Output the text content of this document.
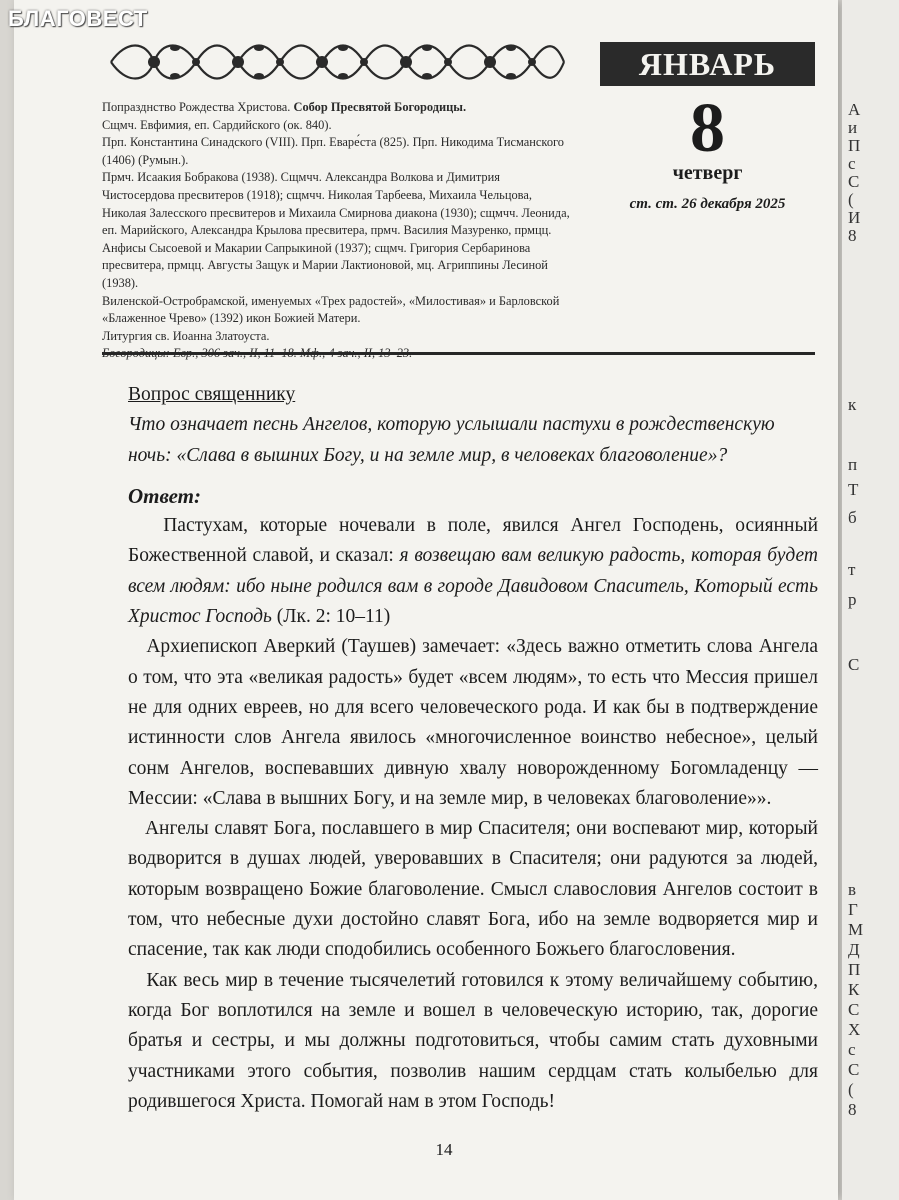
ЯНВАРЬ
8
четверг
ст. ст. 26 декабря 2025

Попразднство Рождества Христова. Собор Пресвятой Богородицы.

Сщмч. Евфимия, еп. Сардийского (ок. 840).

Прп. Константина Синадского (VIII). Прп. Еваре́ста (825). Прп. Никодима Тисманского (1406) (Румын.).

Прмч. Исаакия Бобракова (1938). Сщмчч. Александра Волкова и Димитрия Чистосердова пресвитеров (1918); сщмчч. Николая Тарбеева, Михаила Чельцова, Николая Залесского пресвитеров и Михаила Смирнова диакона (1930); сщмчч. Леонида, еп. Марийского, Александра Крылова пресвитера, прмч. Василия Мазуренко, прмцц. Анфисы Сысоевой и Макарии Сапрыкиной (1937); сщмч. Григория Сербаринова пресвитера, прмцц. Августы Защук и Марии Лактионовой, мц. Агриппины Лесиной (1938).

Виленской-Остробрамской, именуемых «Трех радостей», «Милостивая» и Барловской «Блаженное Чрево» (1392) икон Божией Матери.

Литургия св. Иоанна Златоуста.

Вопрос священнику

Что означает песнь Ангелов, которую услышали пастухи в рождественскую ночь: «Слава в вышних Богу, и на земле мир, в человеках благоволение»?

Ответ:

Пастухам, которые ночевали в поле, явился Ангел Господень, осиянный Божественной славой, и сказал: я возвещаю вам великую радость, которая будет всем людям: ибо ныне родился вам в городе Давидовом Спаситель, Который есть Христос Господь (Лк. 2: 10–11)

Архиепископ Аверкий (Таушев) замечает: «Здесь важно отметить слова Ангела о том, что эта «великая радость» будет «всем людям», то есть что Мессия пришел не для одних евреев, но для всего человеческого рода. И как бы в подтверждение истинности слов Ангела явилось «многочисленное воинство небесное», целый сонм Ангелов, воспевавших дивную хвалу новорожденному Богомладенцу — Мессии: «Слава в вышних Богу, и на земле мир, в человеках благоволение»».

Ангелы славят Бога, пославшего в мир Спасителя; они воспевают мир, который водворится в душах людей, уверовавших в Спасителя; они радуются за людей, которым возвращено Божие благоволение. Смысл славословия Ангелов состоит в том, что небесные духи достойно славят Бога, ибо на земле водворяется мир и спасение, так как люди сподобились особенного Божьего благословения.

Как весь мир в течение тысячелетий готовился к этому величайшему событию, когда Бог воплотился на земле и вошел в человеческую историю, так, дорогие братья и сестры, и мы должны подготовиться, чтобы самим стать духовными участниками этого события, позволив нашим сердцам стать колыбелью для родившегося Христа. Помогай нам в этом Господь!

14
А
и
П
с
С
(
И
8
к
п
Т
б
т
р
С
в
Г
М
Д
П
К
С
Х
с
С
(
8
БЛАГОВЕСТ
